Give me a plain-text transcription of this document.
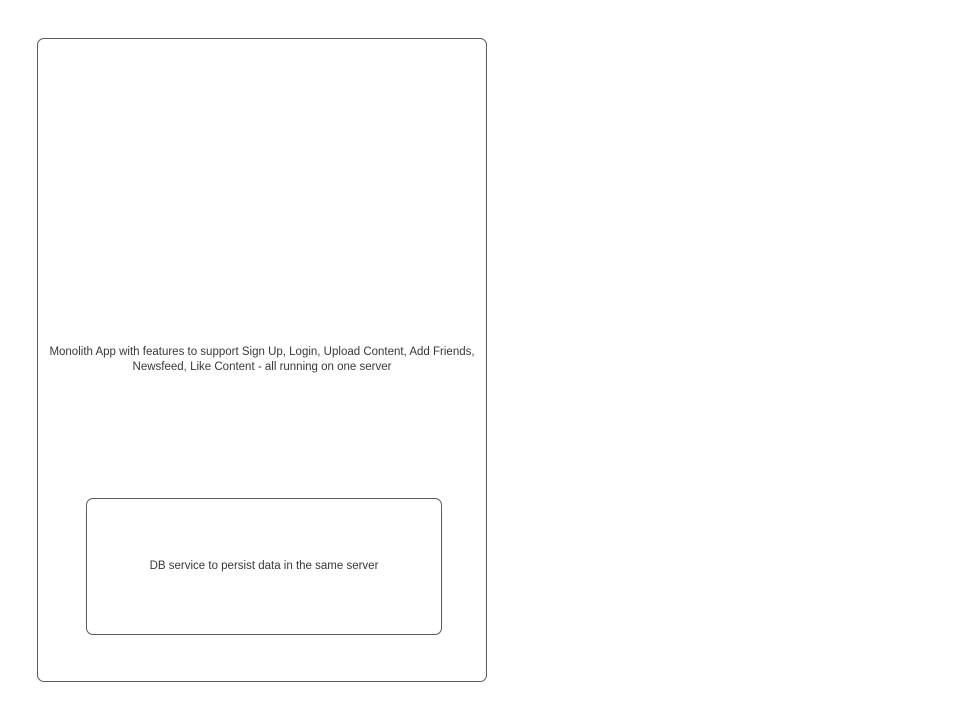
Monolith App with features to support Sign Up, Login, Upload Content, Add Friends, Newsfeed, Like Content - all running on one server
DB service to persist data in the same server
